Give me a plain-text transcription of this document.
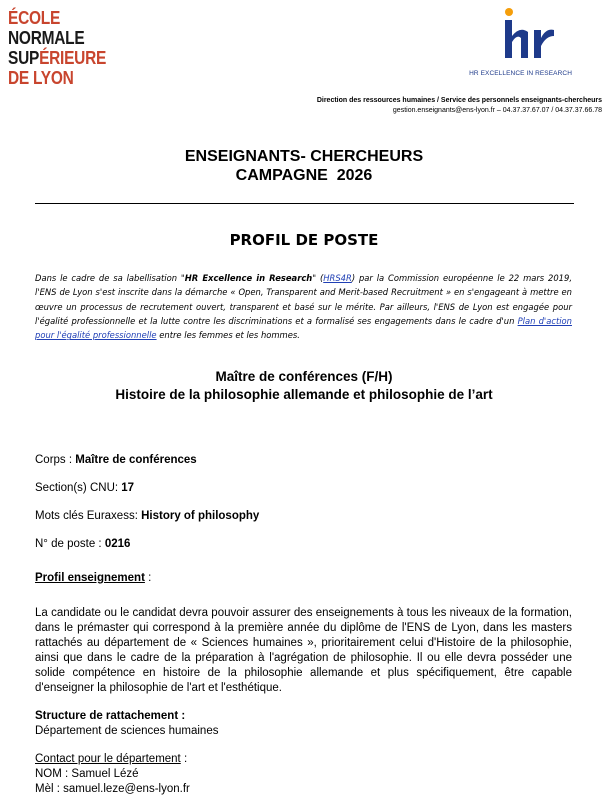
ÉCOLE
NORMALE
SUPÉRIEURE
DE LYON	HR EXCELLENCE IN RESEARCH
Direction des ressources humaines / Service des personnels enseignants-chercheurs
gestion.enseignants@ens-lyon.fr – 04.37.37.67.07 / 04.37.37.66.78
ENSEIGNANTS- CHERCHEURS
CAMPAGNE  2026
PROFIL DE POSTE
Dans le cadre de sa labellisation "HR Excellence in Research" (HRS4R) par la Commission européenne le 22 mars 2019, l'ENS de Lyon s'est inscrite dans la démarche « Open, Transparent and Merit-based Recruitment » en s'engageant à mettre en œuvre un processus de recrutement ouvert, transparent et basé sur le mérite. Par ailleurs, l'ENS de Lyon est engagée pour l'égalité professionnelle et la lutte contre les discriminations et a formalisé ses engagements dans le cadre d'un Plan d'action pour l'égalité professionnelle entre les femmes et les hommes.
Maître de conférences (F/H)
Histoire de la philosophie allemande et philosophie de l’art
Corps : Maître de conférences
Section(s) CNU: 17
Mots clés Euraxess: History of philosophy
N° de poste : 0216
Profil enseignement :
La candidate ou le candidat devra pouvoir assurer des enseignements à tous les niveaux de la formation, dans le prémaster qui correspond à la première année du diplôme de l'ENS de Lyon, dans les masters rattachés au département de « Sciences humaines », prioritairement celui d'Histoire de la philosophie, ainsi que dans le cadre de la préparation à l'agrégation de philosophie. Il ou elle devra posséder une solide compétence en histoire de la philosophie allemande et plus spécifiquement, être capable d'enseigner la philosophie de l'art et l'esthétique.
Structure de rattachement :
Département de sciences humaines
Contact pour le département :
NOM : Samuel Lézé
Mèl : samuel.leze@ens-lyon.fr
